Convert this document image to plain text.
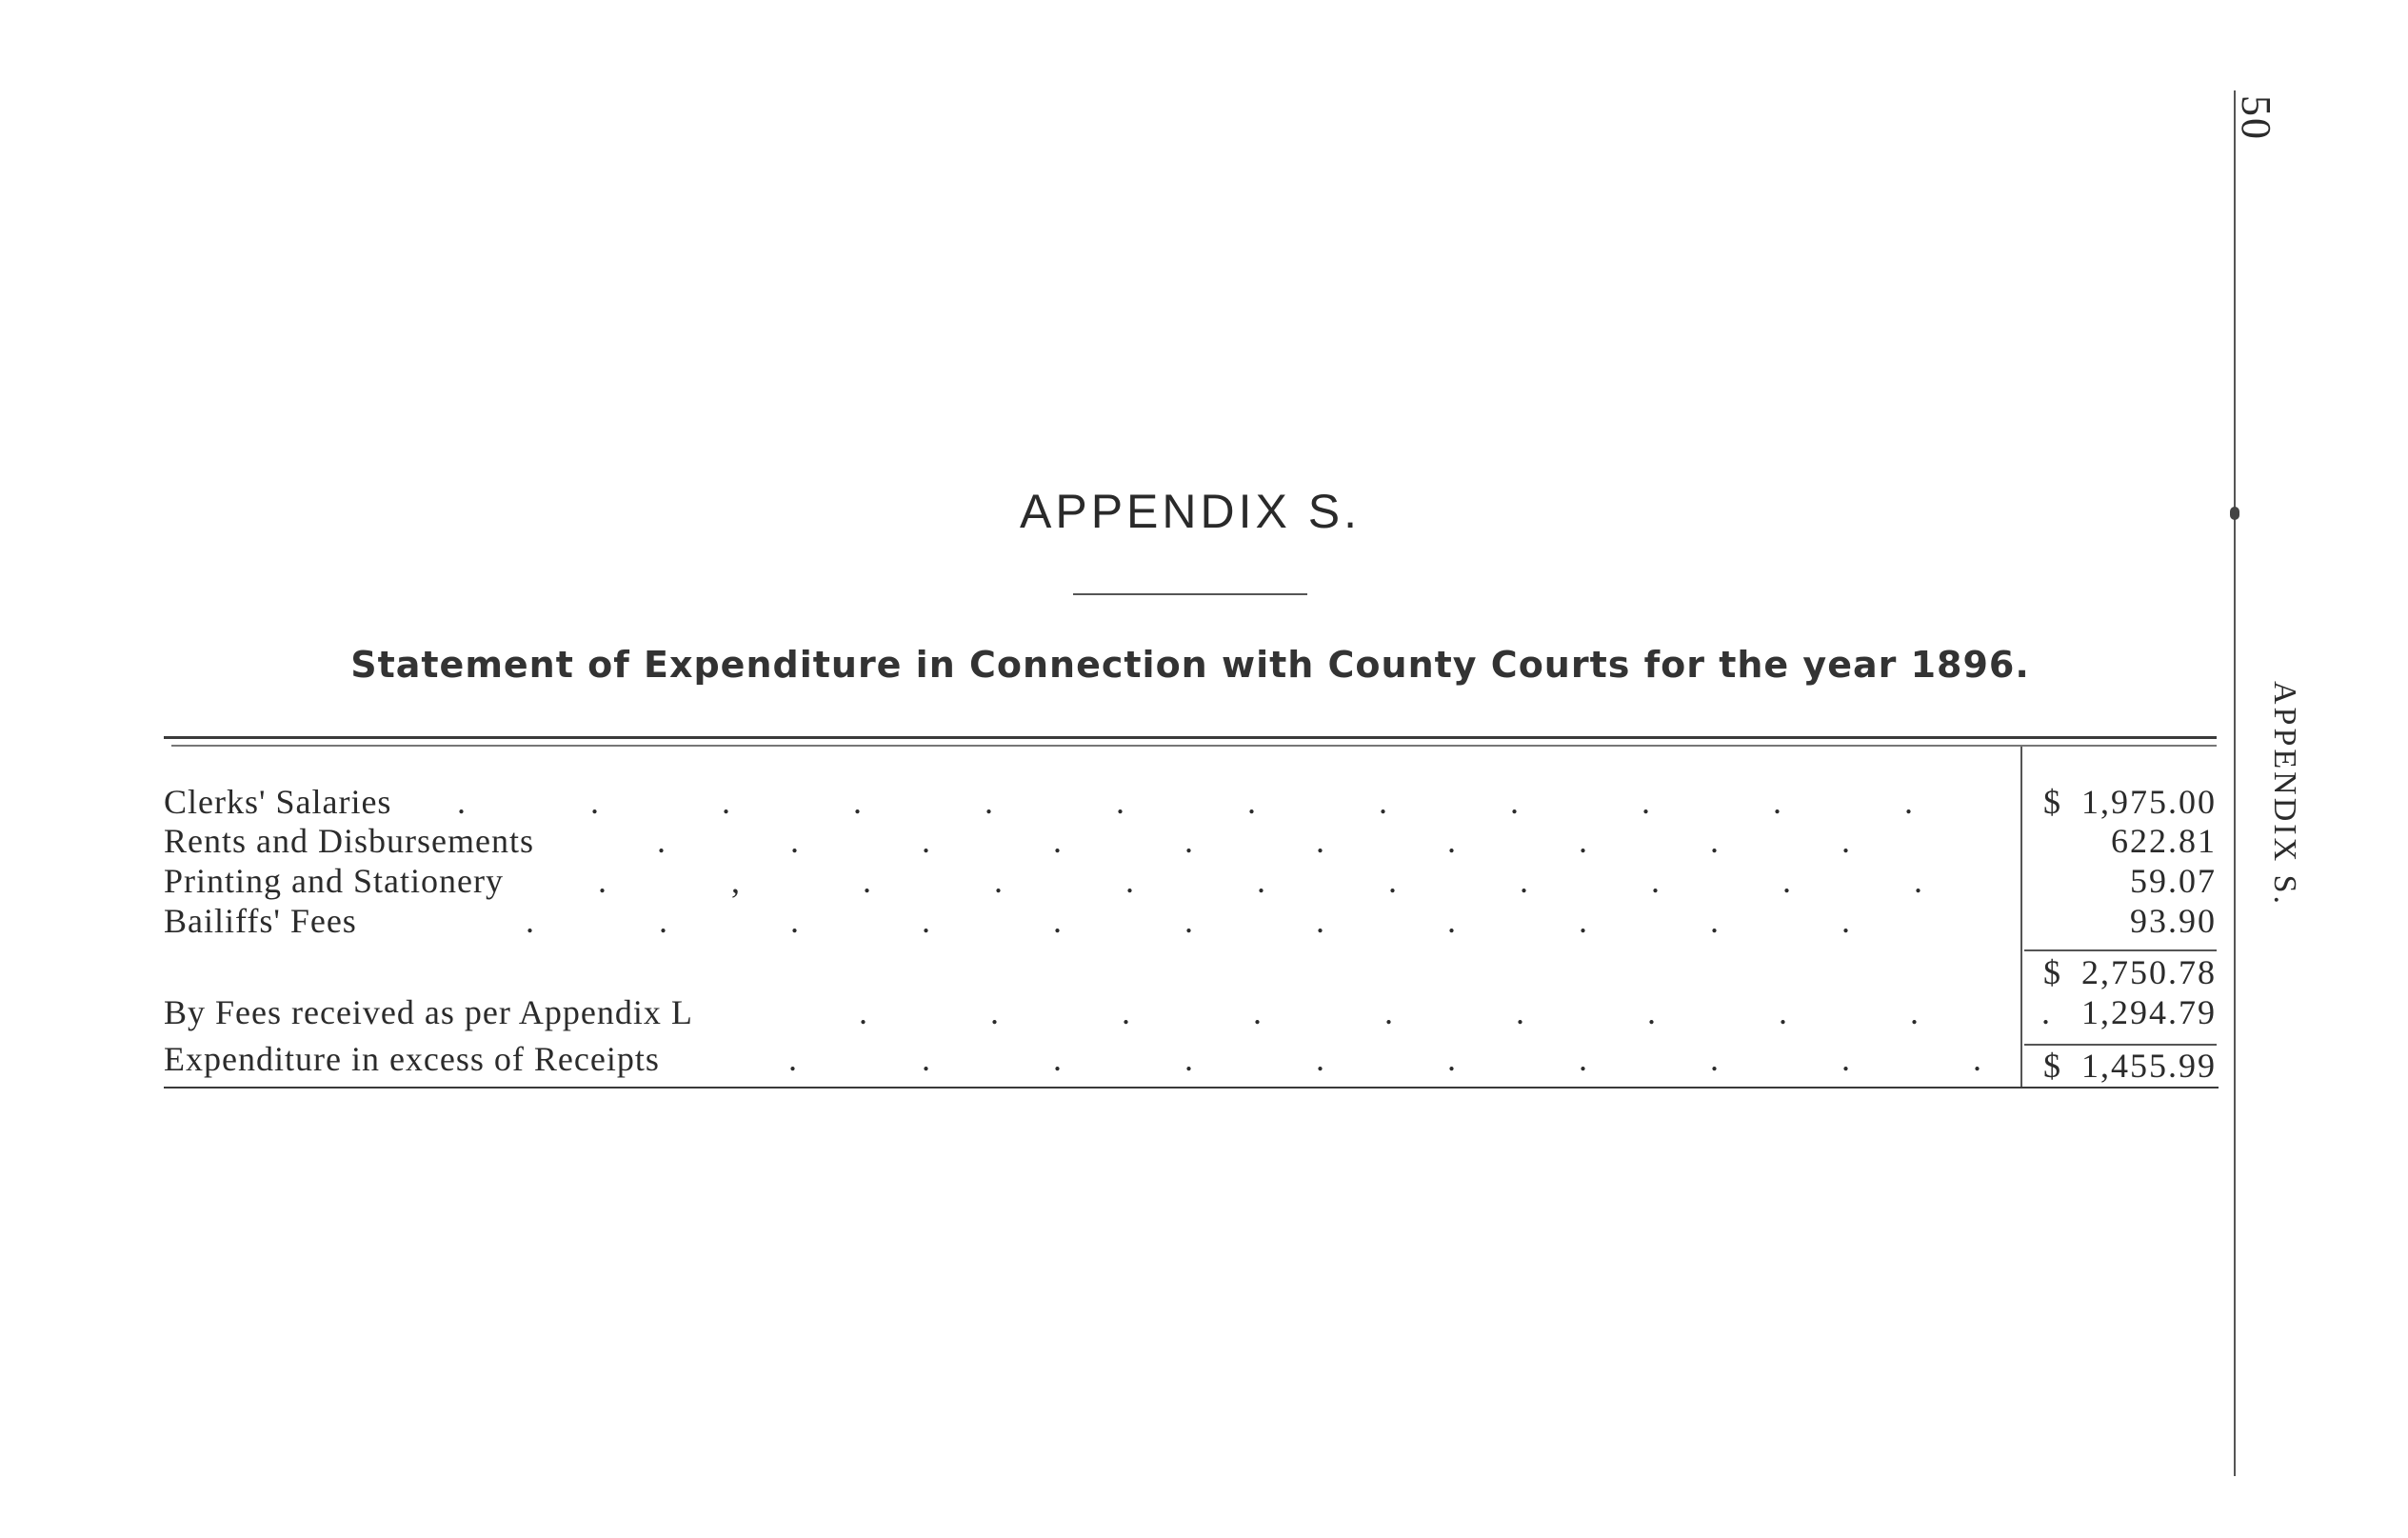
50
APPENDIX S.
APPENDIX S.
Statement of Expenditure in Connection with County Courts for the year 1896.
Clerks' Salaries .	.	.	.	.	.	.	.	.	.	.	.	$ 1,975.00
Rents and Disbursements	.	.	.	.	.	.	.	.	.	.	622.81
Printing and Stationery	.	,	.	.	.	.	.	.	.	.	.	59.07
Bailiffs' Fees	.	.	.	.	.	.	.	.	.	.	.	93.90
$ 2,750.78
By Fees received as per Appendix L	.	.	.	.	.	.	.	.	.	. 1,294.79
Expenditure in excess of Receipts	.	.	.	.	.	.	.	.	.	. $ 1,455.99
